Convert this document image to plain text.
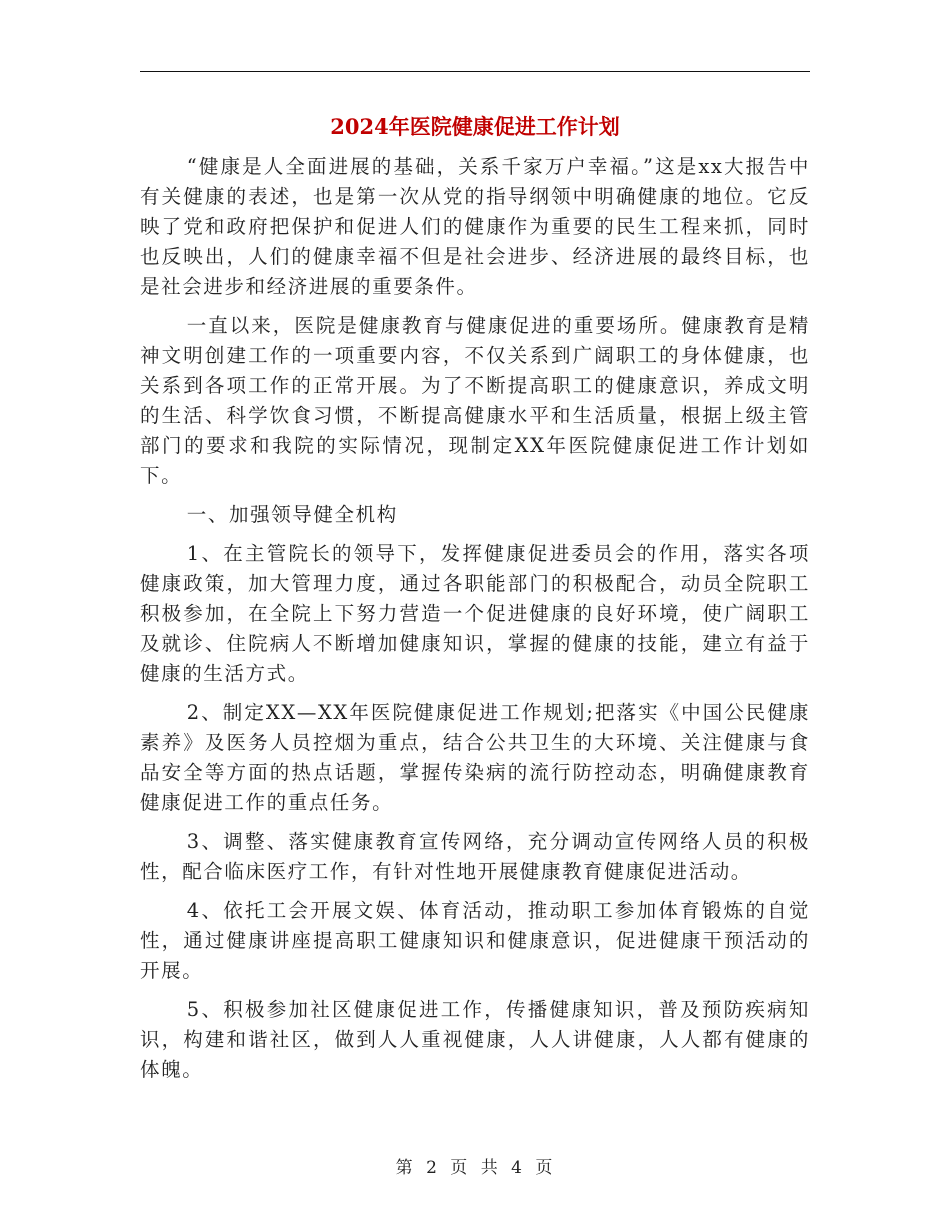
2024年医院健康促进工作计划

“健康是人全面进展的基础，关系千家万户幸福。”这是xx大报告中有关健康的表述，也是第一次从党的指导纲领中明确健康的地位。它反映了党和政府把保护和促进人们的健康作为重要的民生工程来抓，同时也反映出，人们的健康幸福不但是社会进步、经济进展的最终目标，也是社会进步和经济进展的重要条件。

一直以来，医院是健康教育与健康促进的重要场所。健康教育是精神文明创建工作的一项重要内容，不仅关系到广阔职工的身体健康，也关系到各项工作的正常开展。为了不断提高职工的健康意识，养成文明的生活、科学饮食习惯，不断提高健康水平和生活质量，根据上级主管部门的要求和我院的实际情况，现制定XX年医院健康促进工作计划如下。

一、加强领导健全机构

1、在主管院长的领导下，发挥健康促进委员会的作用，落实各项健康政策，加大管理力度，通过各职能部门的积极配合，动员全院职工积极参加，在全院上下努力营造一个促进健康的良好环境，使广阔职工及就诊、住院病人不断增加健康知识，掌握的健康的技能，建立有益于健康的生活方式。

2、制定XX—XX年医院健康促进工作规划;把落实《中国公民健康素养》及医务人员控烟为重点，结合公共卫生的大环境、关注健康与食品安全等方面的热点话题，掌握传染病的流行防控动态，明确健康教育健康促进工作的重点任务。

3、调整、落实健康教育宣传网络，充分调动宣传网络人员的积极性，配合临床医疗工作，有针对性地开展健康教育健康促进活动。

4、依托工会开展文娱、体育活动，推动职工参加体育锻炼的自觉性，通过健康讲座提高职工健康知识和健康意识，促进健康干预活动的开展。

5、积极参加社区健康促进工作，传播健康知识，普及预防疾病知识，构建和谐社区，做到人人重视健康，人人讲健康，人人都有健康的体魄。

第 2 页 共 4 页
